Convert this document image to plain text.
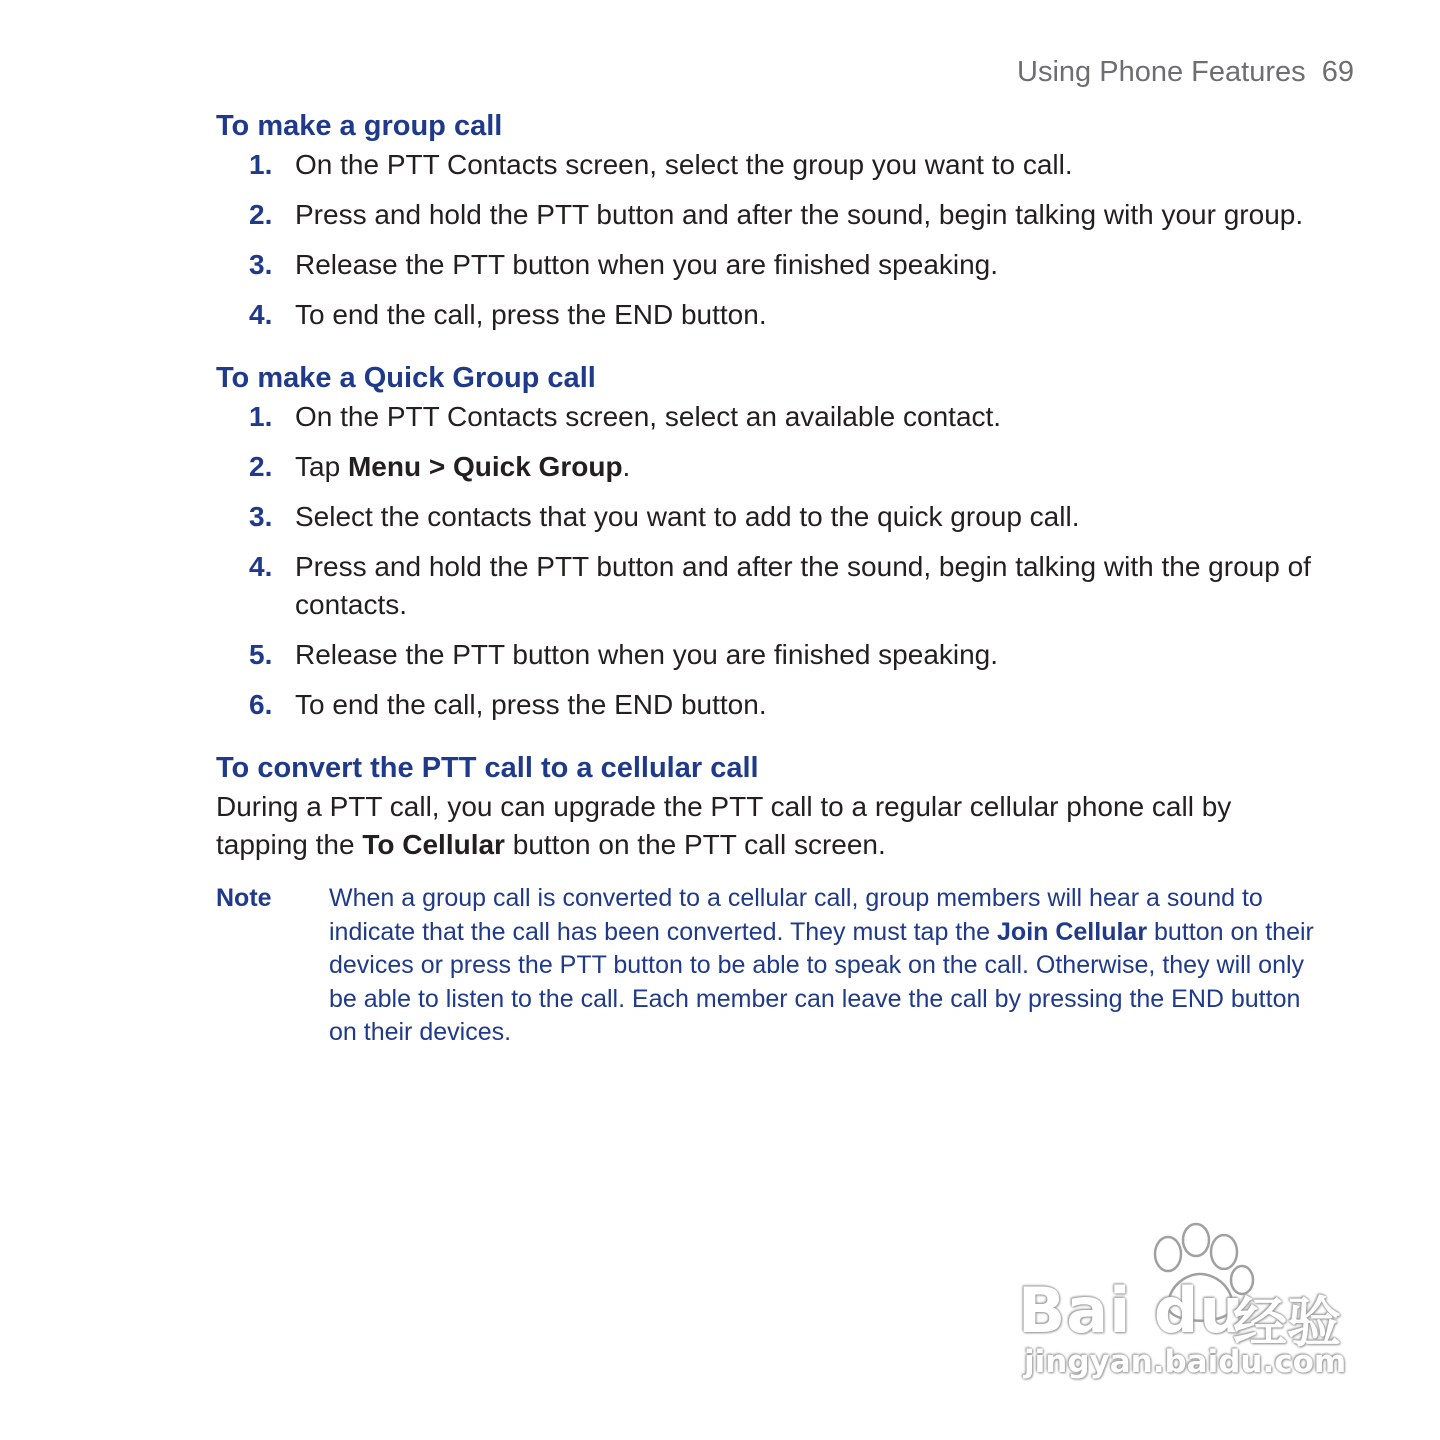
Using Phone Features 69
To make a group call
1. On the PTT Contacts screen, select the group you want to call.
2. Press and hold the PTT button and after the sound, begin talking with your group.
3. Release the PTT button when you are finished speaking.
4. To end the call, press the END button.
To make a Quick Group call
1. On the PTT Contacts screen, select an available contact.
2. Tap Menu > Quick Group.
3. Select the contacts that you want to add to the quick group call.
4. Press and hold the PTT button and after the sound, begin talking with the group of contacts.
5. Release the PTT button when you are finished speaking.
6. To end the call, press the END button.
To convert the PTT call to a cellular call

During a PTT call, you can upgrade the PTT call to a regular cellular phone call by tapping the To Cellular button on the PTT call screen.

Note	When a group call is converted to a cellular call, group members will hear a sound to indicate that the call has been converted. They must tap the Join Cellular button on their devices or press the PTT button to be able to speak on the call. Otherwise, they will only be able to listen to the call. Each member can leave the call by pressing the END button on their devices.
Bai du
经验
jingyan.baidu.com
